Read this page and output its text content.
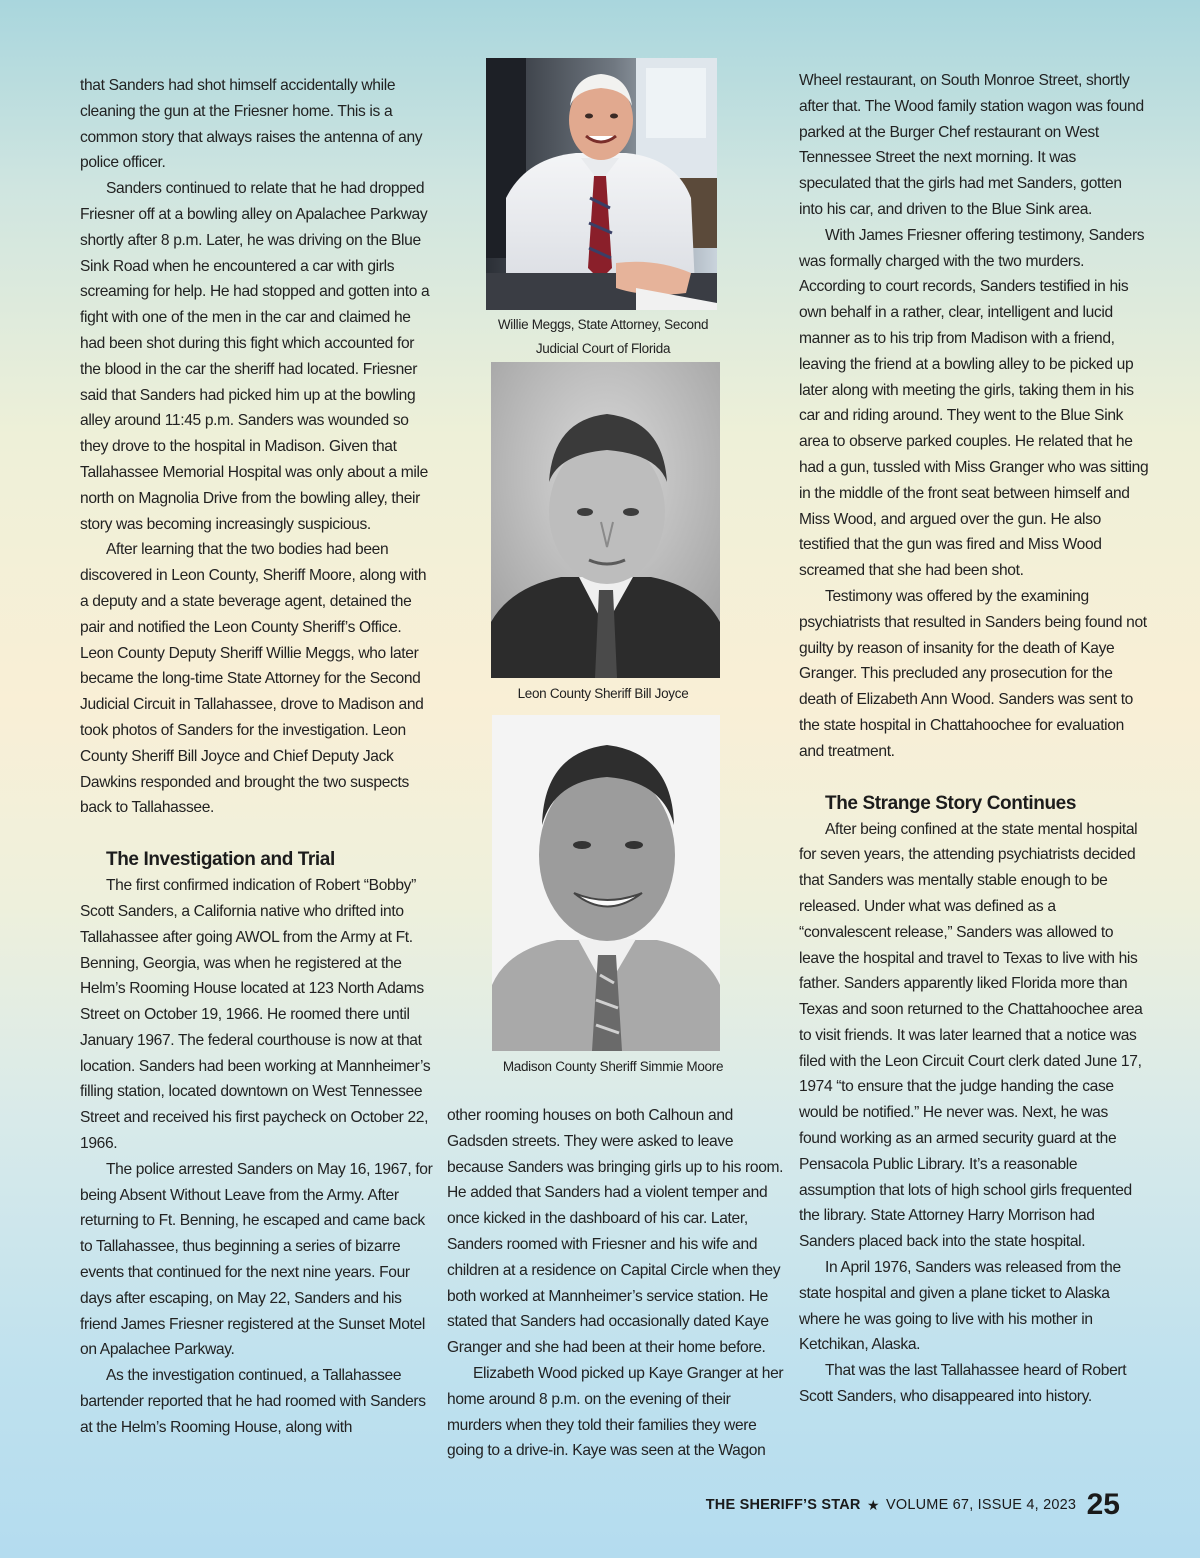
that Sanders had shot himself accidentally while cleaning the gun at the Friesner home. This is a common story that always raises the antenna of any police officer.

Sanders continued to relate that he had dropped Friesner off at a bowling alley on Apalachee Parkway shortly after 8 p.m. Later, he was driving on the Blue Sink Road when he encountered a car with girls screaming for help. He had stopped and gotten into a fight with one of the men in the car and claimed he had been shot during this fight which accounted for the blood in the car the sheriff had located. Friesner said that Sanders had picked him up at the bowling alley around 11:45 p.m. Sanders was wounded so they drove to the hospital in Madison. Given that Tallahassee Memorial Hospital was only about a mile north on Magnolia Drive from the bowling alley, their story was becoming increasingly suspicious.

After learning that the two bodies had been discovered in Leon County, Sheriff Moore, along with a deputy and a state beverage agent, detained the pair and notified the Leon County Sheriff’s Office. Leon County Deputy Sheriff Willie Meggs, who later became the long-time State Attorney for the Second Judicial Circuit in Tallahassee, drove to Madison and took photos of Sanders for the investigation. Leon County Sheriff Bill Joyce and Chief Deputy Jack Dawkins responded and brought the two suspects back to Tallahassee.

The Investigation and Trial

The first confirmed indication of Robert “Bobby” Scott Sanders, a California native who drifted into Tallahassee after going AWOL from the Army at Ft. Benning, Georgia, was when he registered at the Helm’s Rooming House located at 123 North Adams Street on October 19, 1966. He roomed there until January 1967. The federal courthouse is now at that location. Sanders had been working at Mannheimer’s filling station, located downtown on West Tennessee Street and received his first paycheck on October 22, 1966.

The police arrested Sanders on May 16, 1967, for being Absent Without Leave from the Army. After returning to Ft. Benning, he escaped and came back to Tallahassee, thus beginning a series of bizarre events that continued for the next nine years. Four days after escaping, on May 22, Sanders and his friend James Friesner registered at the Sunset Motel on Apalachee Parkway.

As the investigation continued, a Tallahassee bartender reported that he had roomed with Sanders at the Helm’s Rooming House, along with

Willie Meggs, State Attorney, Second
Judicial Court of Florida
Leon County Sheriff Bill Joyce
Madison County Sheriff Simmie Moore

other rooming houses on both Calhoun and Gadsden streets. They were asked to leave because Sanders was bringing girls up to his room. He added that Sanders had a violent temper and once kicked in the dashboard of his car. Later, Sanders roomed with Friesner and his wife and children at a residence on Capital Circle when they both worked at Mannheimer’s service station. He stated that Sanders had occasionally dated Kaye Granger and she had been at their home before.

Elizabeth Wood picked up Kaye Granger at her home around 8 p.m. on the evening of their murders when they told their families they were going to a drive-in. Kaye was seen at the Wagon

Wheel restaurant, on South Monroe Street, shortly after that. The Wood family station wagon was found parked at the Burger Chef restaurant on West Tennessee Street the next morning. It was speculated that the girls had met Sanders, gotten into his car, and driven to the Blue Sink area.

With James Friesner offering testimony, Sanders was formally charged with the two murders. According to court records, Sanders testified in his own behalf in a rather, clear, intelligent and lucid manner as to his trip from Madison with a friend, leaving the friend at a bowling alley to be picked up later along with meeting the girls, taking them in his car and riding around. They went to the Blue Sink area to observe parked couples. He related that he had a gun, tussled with Miss Granger who was sitting in the middle of the front seat between himself and Miss Wood, and argued over the gun. He also testified that the gun was fired and Miss Wood screamed that she had been shot.

Testimony was offered by the examining psychiatrists that resulted in Sanders being found not guilty by reason of insanity for the death of Kaye Granger. This precluded any prosecution for the death of Elizabeth Ann Wood. Sanders was sent to the state hospital in Chattahoochee for evaluation and treatment.

The Strange Story Continues

After being confined at the state mental hospital for seven years, the attending psychiatrists decided that Sanders was mentally stable enough to be released. Under what was defined as a “convalescent release,” Sanders was allowed to leave the hospital and travel to Texas to live with his father. Sanders apparently liked Florida more than Texas and soon returned to the Chattahoochee area to visit friends. It was later learned that a notice was filed with the Leon Circuit Court clerk dated June 17, 1974 “to ensure that the judge handing the case would be notified.” He never was. Next, he was found working as an armed security guard at the Pensacola Public Library. It’s a reasonable assumption that lots of high school girls frequented the library. State Attorney Harry Morrison had Sanders placed back into the state hospital.

In April 1976, Sanders was released from the state hospital and given a plane ticket to Alaska where he was going to live with his mother in Ketchikan, Alaska.

That was the last Tallahassee heard of Robert Scott Sanders, who disappeared into history.

THE SHERIFF’S STAR ★ VOLUME 67, ISSUE 4, 2023 25
